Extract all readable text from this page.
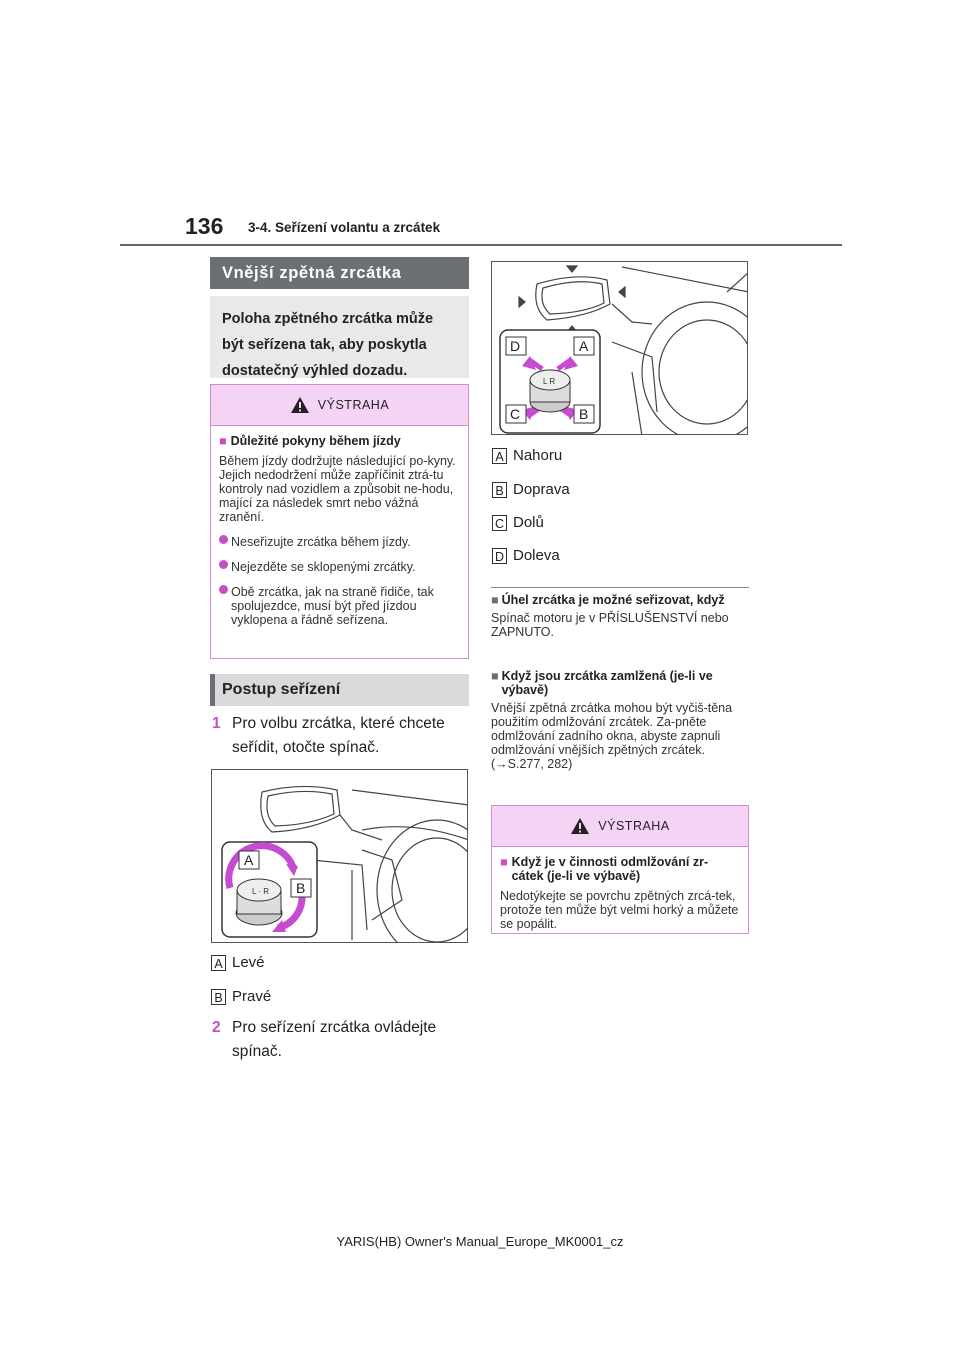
136 3-4. Seřízení volantu a zrcátek
Vnější zpětná zrcátka
Poloha zpětného zrcátka může být seřízena tak, aby poskytla dostatečný výhled dozadu.
VÝSTRAHA
■ Důležité pokyny během jízdy
Během jízdy dodržujte následující po-kyny.
Jejich nedodržení může zapříčinit ztrá-tu kontroly nad vozidlem a způsobit ne-hodu, mající za následek smrt nebo vážná zranění.
Neseřizujte zrcátka během jízdy.
Nejezděte se sklopenými zrcátky.
Obě zrcátka, jak na straně řidiče, tak spolujezdce, musí být před jízdou vyklopena a řádně seřízena.
Postup seřízení
1 Pro volbu zrcátka, které chcete seřídit, otočte spínač.
L · R
A
B
A Levé
B Pravé
2 Pro seřízení zrcátka ovládejte spínač.
L R
D	A
C	B
A Nahoru
B Doprava
C Dolů
D Doleva
■ Úhel zrcátka je možné seřizovat, když
Spínač motoru je v PŘÍSLUŠENSTVÍ nebo ZAPNUTO.
■ Když jsou zrcátka zamlžená (je-li ve výbavě)
Vnější zpětná zrcátka mohou být vyčiš-těna použitím odmlžování zrcátek. Za-pněte odmlžování zadního okna, abyste zapnuli odmlžování vnějších zpětných zrcátek. (→S.277, 282)
VÝSTRAHA
■ Když je v činnosti odmlžování zr-cátek (je-li ve výbavě)
Nedotýkejte se povrchu zpětných zrcá-tek, protože ten může být velmi horký a můžete se popálit.
YARIS(HB) Owner's Manual_Europe_MK0001_cz
